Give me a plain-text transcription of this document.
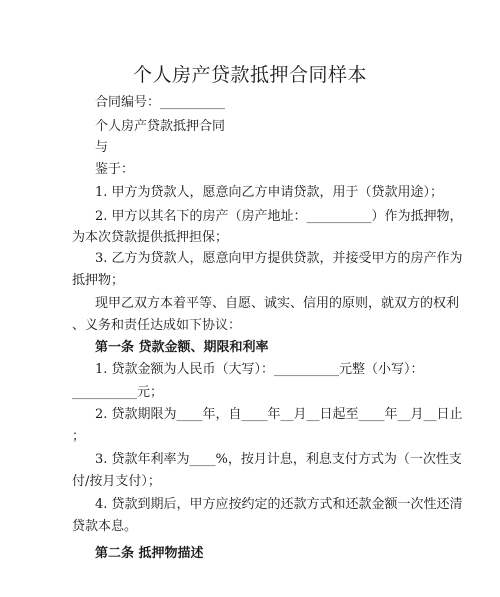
个人房产贷款抵押合同样本
合同编号：__________
个人房产贷款抵押合同
与
鉴于：
1. 甲方为贷款人，愿意向乙方申请贷款，用于（贷款用途）；
2. 甲方以其名下的房产（房产地址：__________）作为抵押物，
为本次贷款提供抵押担保；
3. 乙方为贷款人，愿意向甲方提供贷款，并接受甲方的房产作为
抵押物；
现甲乙双方本着平等、自愿、诚实、信用的原则，就双方的权利
、义务和责任达成如下协议：
第一条 贷款金额、期限和利率
1. 贷款金额为人民币（大写）：__________元整（小写）：
__________元；
2. 贷款期限为____年，自____年__月__日起至____年__月__日止
；
3. 贷款年利率为____%，按月计息，利息支付方式为（一次性支
付/按月支付）；
4. 贷款到期后，甲方应按约定的还款方式和还款金额一次性还清
贷款本息。
第二条 抵押物描述
